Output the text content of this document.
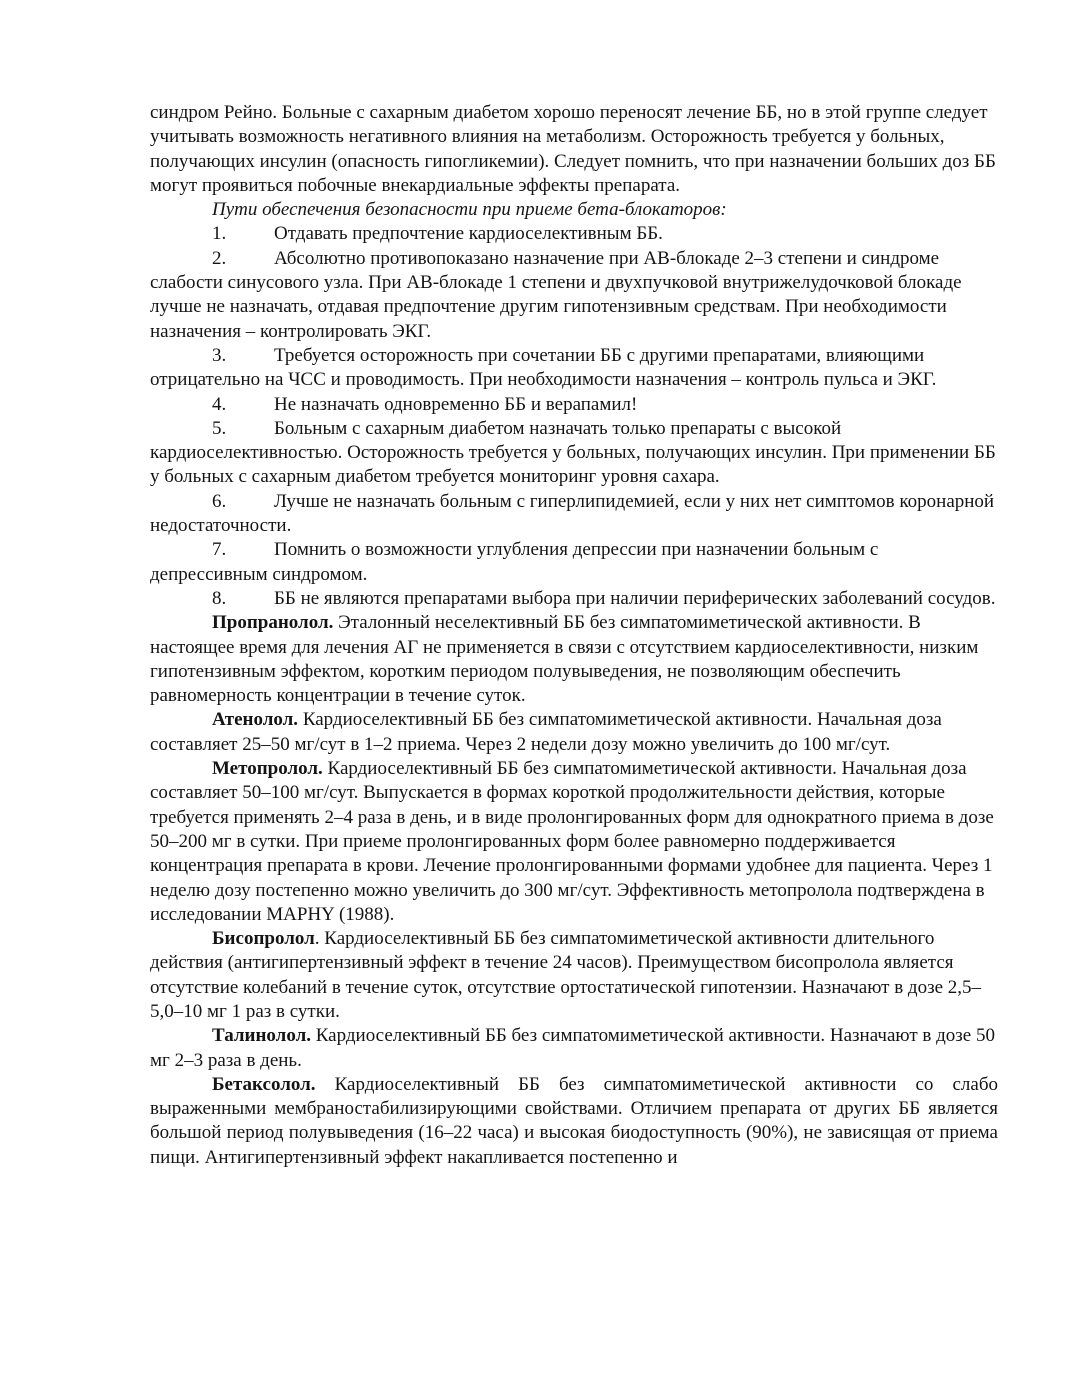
синдром Рейно. Больные с сахарным диабетом хорошо переносят лечение ББ, но в этой группе следует учитывать возможность негативного влияния на метаболизм. Осторожность требуется у больных, получающих инсулин (опасность гипогликемии). Следует помнить, что при назначении больших доз ББ могут проявиться побочные внекардиальные эффекты препарата.

Пути обеспечения безопасности при приеме бета-блокаторов:

1.	Отдавать предпочтение кардиоселективным ББ.

2.	Абсолютно противопоказано назначение при АВ-блокаде 2–3 степени и синдроме слабости синусового узла. При АВ-блокаде 1 степени и двухпучковой внутрижелудочковой блокаде лучше не назначать, отдавая предпочтение другим гипотензивным средствам. При необходимости назначения – контролировать ЭКГ.

3.	Требуется осторожность при сочетании ББ с другими препаратами, влияющими отрицательно на ЧСС и проводимость. При необходимости назначения – контроль пульса и ЭКГ.

4.	Не назначать одновременно ББ и верапамил!

5.	Больным с сахарным диабетом назначать только препараты с высокой кардиоселективностью. Осторожность требуется у больных, получающих инсулин. При применении ББ у больных с сахарным диабетом требуется мониторинг уровня сахара.

6.	Лучше не назначать больным с гиперлипидемией, если у них нет симптомов коронарной недостаточности.

7.	Помнить о возможности углубления депрессии при назначении больным с депрессивным синдромом.

8.	ББ не являются препаратами выбора при наличии периферических заболеваний сосудов.

Пропранолол. Эталонный неселективный ББ без симпатомиметической активности. В настоящее время для лечения АГ не применяется в связи с отсутствием кардиоселективности, низким гипотензивным эффектом, коротким периодом полувыведения, не позволяющим обеспечить равномерность концентрации в течение суток.

Атенолол. Кардиоселективный ББ без симпатомиметической активности. Начальная доза составляет 25–50 мг/сут в 1–2 приема. Через 2 недели дозу можно увеличить до 100 мг/сут.

Метопролол. Кардиоселективный ББ без симпатомиметической активности. Начальная доза составляет 50–100 мг/сут. Выпускается в формах короткой продолжительности действия, которые требуется применять 2–4 раза в день, и в виде пролонгированных форм для однократного приема в дозе 50–200 мг в сутки. При приеме пролонгированных форм более равномерно поддерживается концентрация препарата в крови. Лечение пролонгированными формами удобнее для пациента. Через 1 неделю дозу постепенно можно увеличить до 300 мг/сут. Эффективность метопролола подтверждена в исследовании MAPHY (1988).

Бисопролол. Кардиоселективный ББ без симпатомиметической активности длительного действия (антигипертензивный эффект в течение 24 часов). Преимуществом бисопролола является отсутствие колебаний в течение суток, отсутствие ортостатической гипотензии. Назначают в дозе 2,5–5,0–10 мг 1 раз в сутки.

Талинолол. Кардиоселективный ББ без симпатомиметической активности. Назначают в дозе 50 мг 2–3 раза в день.

Бетаксолол. Кардиоселективный ББ без симпатомиметической активности со слабо выраженными мембраностабилизирующими свойствами. Отличием препарата от других ББ является большой период полувыведения (16–22 часа) и высокая биодоступность (90%), не зависящая от приема пищи. Антигипертензивный эффект накапливается постепенно и
